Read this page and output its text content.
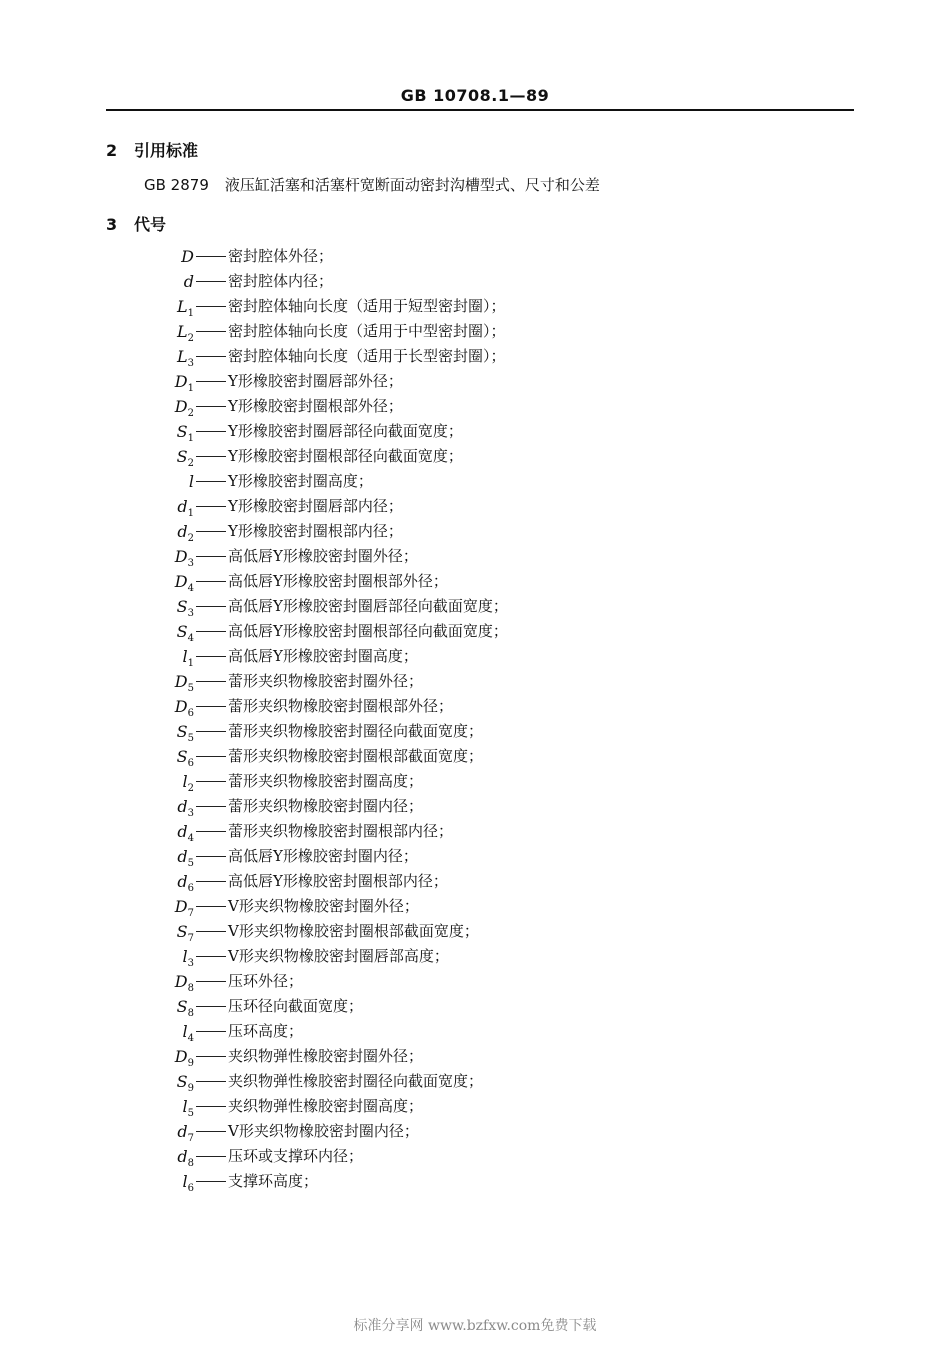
GB 10708.1—89
2 引用标准
GB 2879 液压缸活塞和活塞杆宽断面动密封沟槽型式、尺寸和公差
3 代号
D 密封腔体外径；
d 密封腔体内径；
$L_1$ 密封腔体轴向长度（适用于短型密封圈）；
$L_2$ 密封腔体轴向长度（适用于中型密封圈）；
$L_3$ 密封腔体轴向长度（适用于长型密封圈）；
$D_1$ Y形橡胶密封圈唇部外径；
$D_2$ Y形橡胶密封圈根部外径；
$S_1$ Y形橡胶密封圈唇部径向截面宽度；
$S_2$ Y形橡胶密封圈根部径向截面宽度；
l Y形橡胶密封圈高度；
$d_1$ Y形橡胶密封圈唇部内径；
$d_2$ Y形橡胶密封圈根部内径；
$D_3$ 高低唇Y形橡胶密封圈外径；
$D_4$ 高低唇Y形橡胶密封圈根部外径；
$S_3$ 高低唇Y形橡胶密封圈唇部径向截面宽度；
$S_4$ 高低唇Y形橡胶密封圈根部径向截面宽度；
$l_1$ 高低唇Y形橡胶密封圈高度；
$D_5$ 蕾形夹织物橡胶密封圈外径；
$D_6$ 蕾形夹织物橡胶密封圈根部外径；
$S_5$ 蕾形夹织物橡胶密封圈径向截面宽度；
$S_6$ 蕾形夹织物橡胶密封圈根部截面宽度；
$l_2$ 蕾形夹织物橡胶密封圈高度；
$d_3$ 蕾形夹织物橡胶密封圈内径；
$d_4$ 蕾形夹织物橡胶密封圈根部内径；
$d_5$ 高低唇Y形橡胶密封圈内径；
$d_6$ 高低唇Y形橡胶密封圈根部内径；
$D_7$ V形夹织物橡胶密封圈外径；
$S_7$ V形夹织物橡胶密封圈根部截面宽度；
$l_3$ V形夹织物橡胶密封圈唇部高度；
$D_8$ 压环外径；
$S_8$ 压环径向截面宽度；
$l_4$ 压环高度；
$D_9$ 夹织物弹性橡胶密封圈外径；
$S_9$ 夹织物弹性橡胶密封圈径向截面宽度；
$l_5$ 夹织物弹性橡胶密封圈高度；
$d_7$ V形夹织物橡胶密封圈内径；
$d_8$ 压环或支撑环内径；
$l_6$ 支撑环高度；
标准分享网 www.bzfxw.com免费下载
